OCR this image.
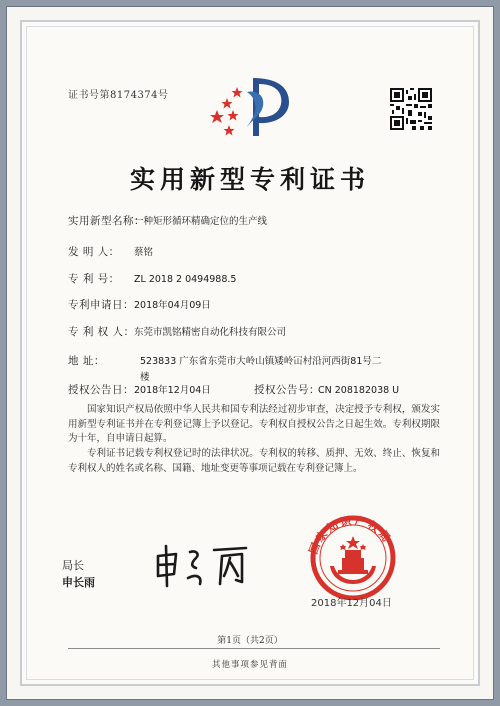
证书号第8174374号
实用新型专利证书
实用新型名称：
一种矩形循环精确定位的生产线
发 明 人： 蔡铭
专 利 号： ZL 2018 2 0494988.5
专利申请日： 2018年04月09日
专 利 权 人： 东莞市凯铭精密自动化科技有限公司
地 址：	523833 广东省东莞市大岭山镇矮岭冚村沿河西街81号二
楼
授权公告日： 2018年12月04日	授权公告号：
CN 208182038 U
国家知识产权局依照中华人民共和国专利法经过初步审查，决定授予专利权，颁发实用新型专利证书并在专利登记簿上予以登记。专利权自授权公告之日起生效。专利权期限为十年，自申请日起算。
专利证书记载专利权登记时的法律状况。专利权的转移、质押、无效、终止、恢复和专利权人的姓名或名称、国籍、地址变更等事项记载在专利登记簿上。
局长
申长雨
国家知识产权局
2018年12月04日
第1页（共2页）
其他事项参见背面
